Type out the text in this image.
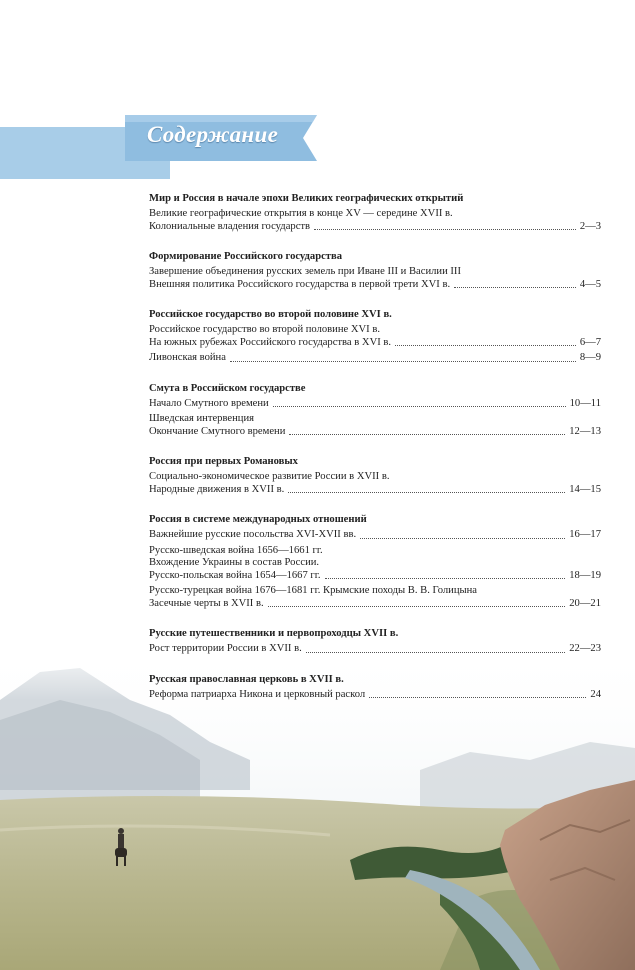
Содержание
Мир и Россия в начале эпохи Великих географических открытий
Великие географические открытия в конце XV — середине XVII в.
Колониальные владения государств	2—3
Формирование Российского государства
Завершение объединения русских земель при Иване III и Василии III
Внешняя политика Российского государства в первой трети XVI в.	4—5
Российское государство во второй половине XVI в.
Российское государство во второй половине XVI в.
На южных рубежах Российского государства в XVI в.	6—7
Ливонская война	8—9
Смута в Российском государстве
Начало Смутного времени	10—11
Шведская интервенция
Окончание Смутного времени	12—13
Россия при первых Романовых
Социально-экономическое развитие России в XVII в.
Народные движения в XVII в.	14—15
Россия в системе международных отношений
Важнейшие русские посольства XVI-XVII вв.	16—17
Русско-шведская война 1656—1661 гг.
Вхождение Украины в состав России.
Русско-польская война 1654—1667 гг.	18—19
Русско-турецкая война 1676—1681 гг. Крымские походы В. В. Голицына
Засечные черты в XVII в.	20—21
Русские путешественники и первопроходцы XVII в.
Рост территории России в XVII в.	22—23
Русская православная церковь в XVII в.
Реформа патриарха Никона и церковный раскол	24
